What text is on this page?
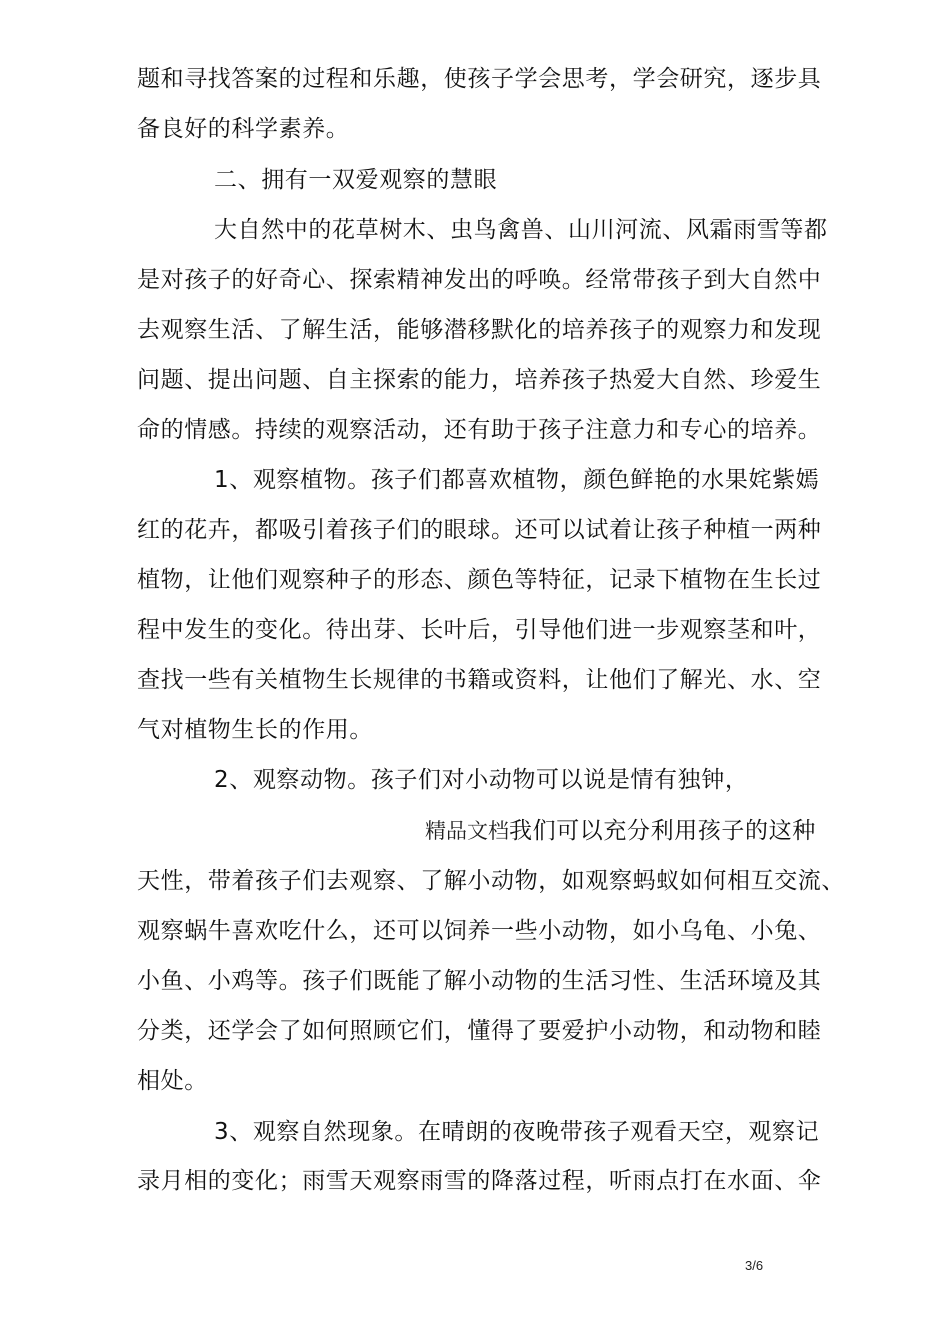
题和寻找答案的过程和乐趣，使孩子学会思考，学会研究，逐步具
备良好的科学素养。
二、拥有一双爱观察的慧眼
大自然中的花草树木、虫鸟禽兽、山川河流、风霜雨雪等都
是对孩子的好奇心、探索精神发出的呼唤。经常带孩子到大自然中
去观察生活、了解生活，能够潜移默化的培养孩子的观察力和发现
问题、提出问题、自主探索的能力，培养孩子热爱大自然、珍爱生
命的情感。持续的观察活动，还有助于孩子注意力和专心的培养。
1、观察植物。孩子们都喜欢植物，颜色鲜艳的水果姹紫嫣
红的花卉，都吸引着孩子们的眼球。还可以试着让孩子种植一两种
植物，让他们观察种子的形态、颜色等特征，记录下植物在生长过
程中发生的变化。待出芽、长叶后，引导他们进一步观察茎和叶，
查找一些有关植物生长规律的书籍或资料，让他们了解光、水、空
气对植物生长的作用。
2、观察动物。孩子们对小动物可以说是情有独钟，
精品文档我们可以充分利用孩子的这种
天性，带着孩子们去观察、了解小动物，如观察蚂蚁如何相互交流、
观察蜗牛喜欢吃什么，还可以饲养一些小动物，如小乌龟、小兔、
小鱼、小鸡等。孩子们既能了解小动物的生活习性、生活环境及其
分类，还学会了如何照顾它们，懂得了要爱护小动物，和动物和睦
相处。
3、观察自然现象。在晴朗的夜晚带孩子观看天空，观察记
录月相的变化；雨雪天观察雨雪的降落过程，听雨点打在水面、伞
3/6
